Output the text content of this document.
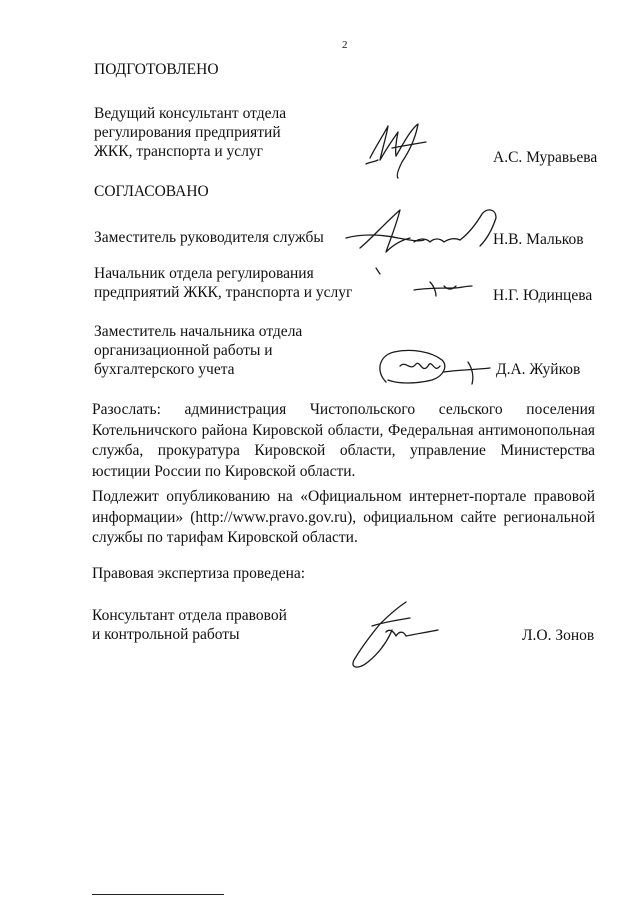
2
ПОДГОТОВЛЕНО
Ведущий консультант отдела
регулирования предприятий
ЖКК, транспорта и услуг	А.С. Муравьева
СОГЛАСОВАНО
Заместитель руководителя службы	Н.В. Мальков
Начальник отдела регулирования
предприятий ЖКК, транспорта и услуг	Н.Г. Юдинцева
Заместитель начальника отдела
организационной работы и
бухгалтерского учета	Д.А. Жуйков
Разослать: администрация Чистопольского сельского поселения Котельничского района Кировской области, Федеральная антимонопольная служба, прокуратура Кировской области, управление Министерства юстиции России по Кировской области.
Подлежит опубликованию на «Официальном интернет-портале правовой информации» (http://www.pravo.gov.ru), официальном сайте региональной службы по тарифам Кировской области.
Правовая экспертиза проведена:
Консультант отдела правовой
и контрольной работы	Л.О. Зонов
